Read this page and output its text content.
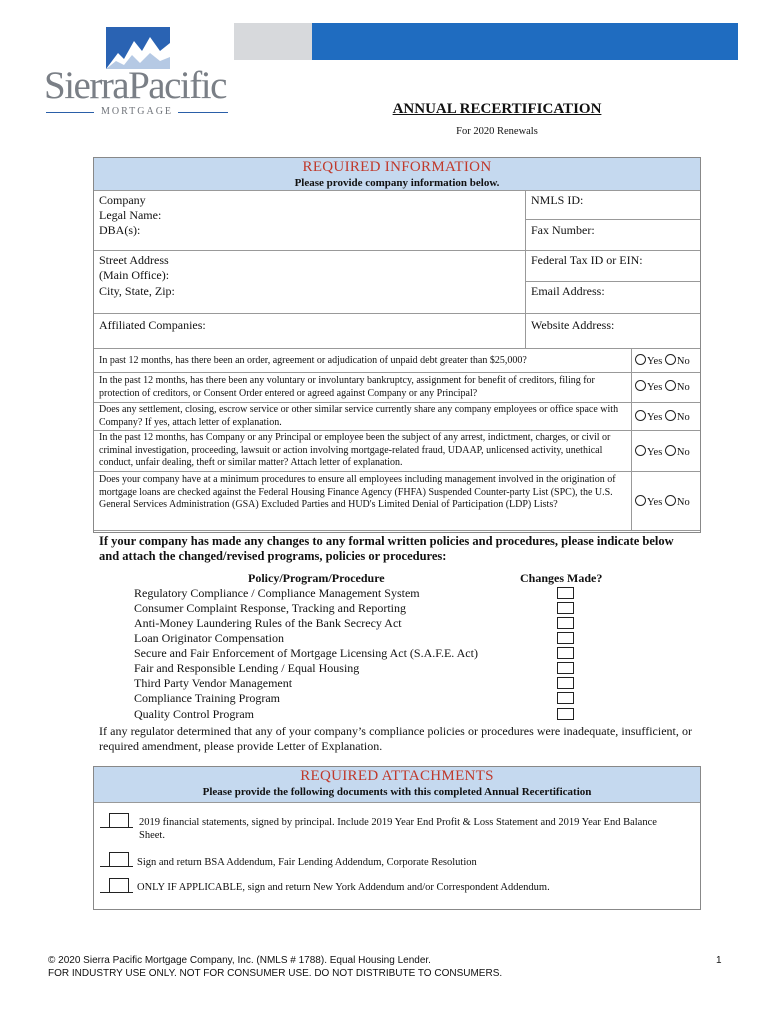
SierraPacific
MORTGAGE	ANNUAL RECERTIFICATION
For 2020 Renewals
REQUIRED INFORMATION
Please provide company information below.
Company
Legal Name:
DBA(s):
Street Address
(Main Office):
City, State, Zip:
Affiliated Companies:
NMLS ID:
Fax Number:
Federal Tax ID or EIN:
Email Address:
Website Address:
In past 12 months, has there been an order, agreement or adjudication of unpaid debt greater than $25,000?
In the past 12 months, has there been any voluntary or involuntary bankruptcy, assignment for benefit of creditors, filing for protection of creditors, or Consent Order entered or agreed against Company or any Principal?
Does any settlement, closing, escrow service or other similar service currently share any company employees or office space with Company? If yes, attach letter of explanation.
In the past 12 months, has Company or any Principal or employee been the subject of any arrest, indictment, charges, or civil or criminal investigation, proceeding, lawsuit or action involving mortgage-related fraud, UDAAP, unlicensed activity, unethical conduct, unfair dealing, theft or similar matter? Attach letter of explanation.
Does your company have at a minimum procedures to ensure all employees including management involved in the origination of mortgage loans are checked against the Federal Housing Finance Agency (FHFA) Suspended Counter-party List (SPC), the U.S. General Services Administration (GSA) Excluded Parties and HUD's Limited Denial of Participation (LDP) Lists?
Yes No
Yes No
Yes No
Yes No
Yes No
If your company has made any changes to any formal written policies and procedures, please indicate below and attach the changed/revised programs, policies or procedures:
Policy/Program/Procedure	Changes Made?
Regulatory Compliance / Compliance Management System
Consumer Complaint Response, Tracking and Reporting
Anti-Money Laundering Rules of the Bank Secrecy Act
Loan Originator Compensation
Secure and Fair Enforcement of Mortgage Licensing Act (S.A.F.E. Act)
Fair and Responsible Lending / Equal Housing
Third Party Vendor Management
Compliance Training Program
Quality Control Program
If any regulator determined that any of your company’s compliance policies or procedures were inadequate, insufficient, or required amendment, please provide Letter of Explanation.
REQUIRED ATTACHMENTS
Please provide the following documents with this completed Annual Recertification
2019 financial statements, signed by principal. Include 2019 Year End Profit & Loss Statement and 2019 Year End Balance Sheet.
Sign and return BSA Addendum, Fair Lending Addendum, Corporate Resolution
ONLY IF APPLICABLE, sign and return New York Addendum and/or Correspondent Addendum.
© 2020 Sierra Pacific Mortgage Company, Inc. (NMLS # 1788). Equal Housing Lender.
FOR INDUSTRY USE ONLY. NOT FOR CONSUMER USE. DO NOT DISTRIBUTE TO CONSUMERS.
1
